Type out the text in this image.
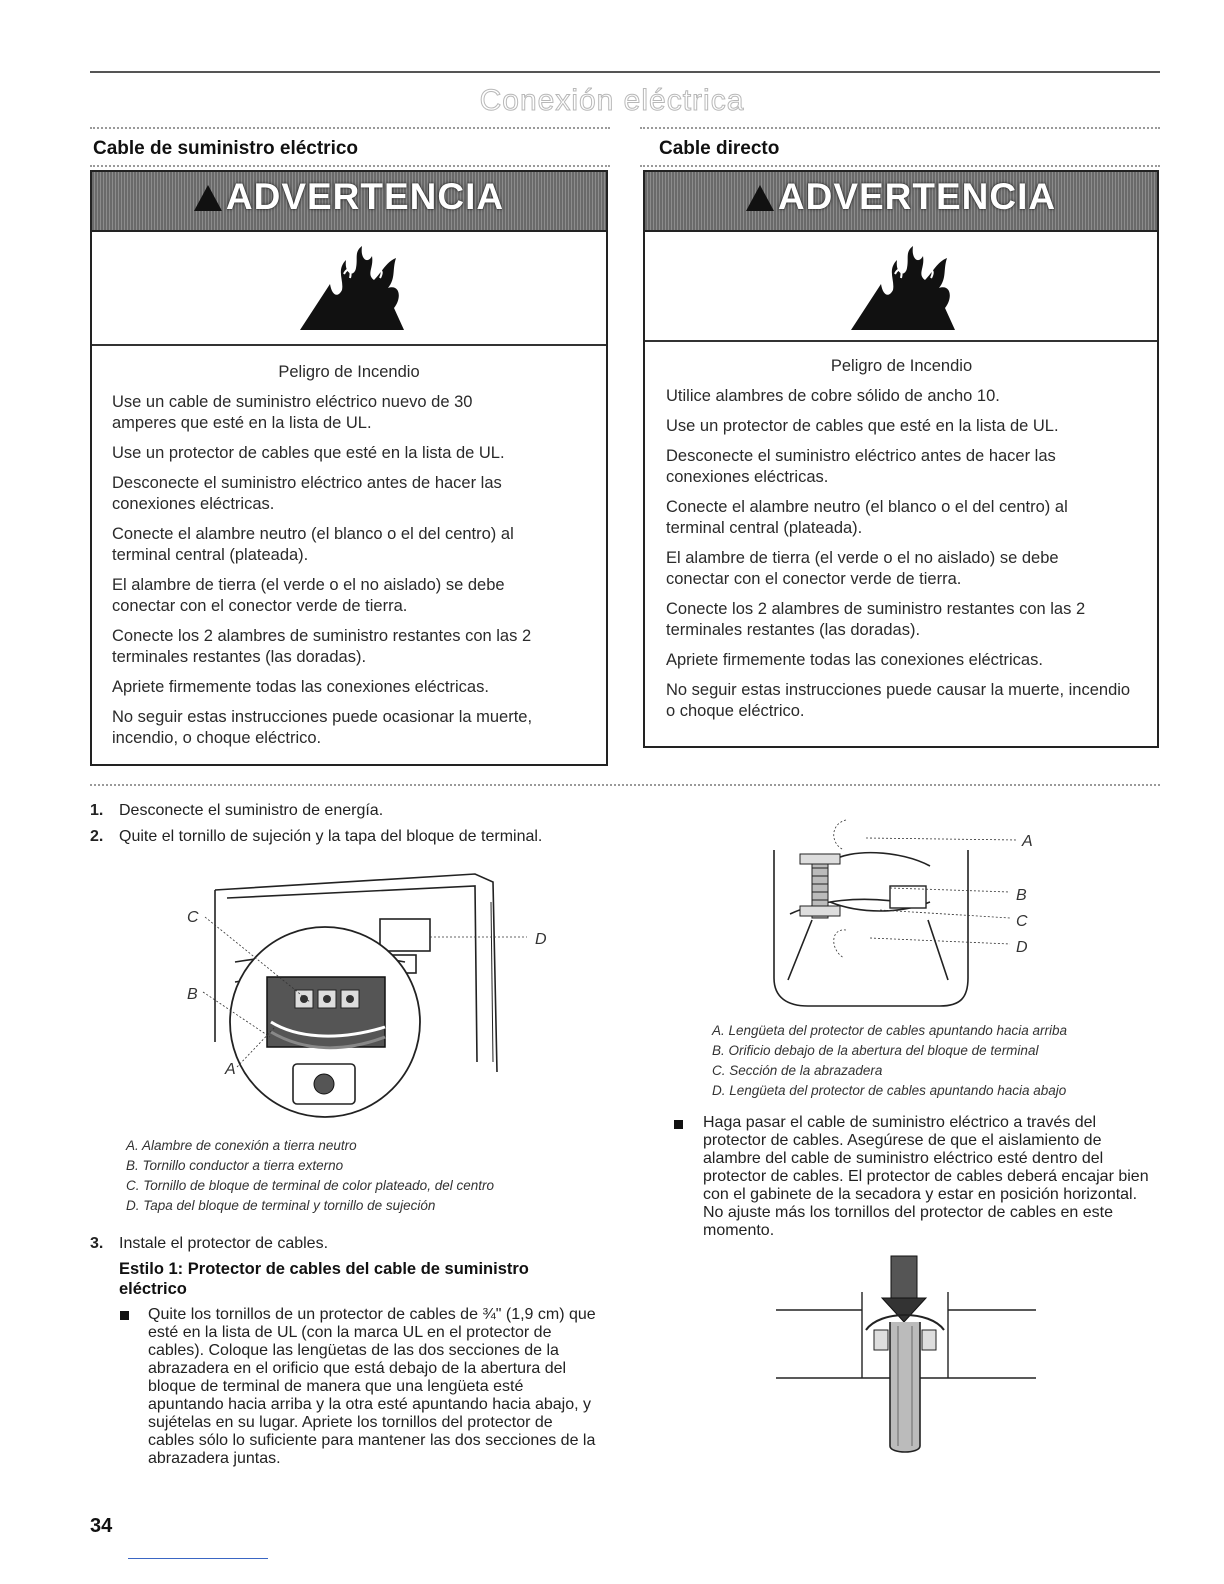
Conexión eléctrica
Cable de suministro eléctrico	Cable directo
ADVERTENCIA

Peligro de Incendio

Use un cable de suministro eléctrico nuevo de 30 amperes que esté en la lista de UL.

Use un protector de cables que esté en la lista de UL.

Desconecte el suministro eléctrico antes de hacer las conexiones eléctricas.

Conecte el alambre neutro (el blanco o el del centro) al terminal central (plateada).

El alambre de tierra (el verde o el no aislado) se debe conectar con el conector verde de tierra.

Conecte los 2 alambres de suministro restantes con las 2 terminales restantes (las doradas).

Apriete firmemente todas las conexiones eléctricas.

No seguir estas instrucciones puede ocasionar la muerte, incendio, o choque eléctrico.

ADVERTENCIA

Peligro de Incendio

Utilice alambres de cobre sólido de ancho 10.

Use un protector de cables que esté en la lista de UL.

Desconecte el suministro eléctrico antes de hacer las conexiones eléctricas.

Conecte el alambre neutro (el blanco o el del centro) al terminal central (plateada).

El alambre de tierra (el verde o el no aislado) se debe conectar con el conector verde de tierra.

Conecte los 2 alambres de suministro restantes con las 2 terminales restantes (las doradas).

Apriete firmemente todas las conexiones eléctricas.

No seguir estas instrucciones puede causar la muerte, incendio o choque eléctrico.

1. Desconecte el suministro de energía.
2. Quite el tornillo de sujeción y la tapa del bloque de terminal.
C
B
A
D
A. Alambre de conexión a tierra neutro
B. Tornillo conductor a tierra externo
C. Tornillo de bloque de terminal de color plateado, del centro
D. Tapa del bloque de terminal y tornillo de sujeción
3. Instale el protector de cables.
Estilo 1: Protector de cables del cable de suministro eléctrico
Quite los tornillos de un protector de cables de ¾" (1,9 cm) que esté en la lista de UL (con la marca UL en el protector de cables). Coloque las lengüetas de las dos secciones de la abrazadera en el orificio que está debajo de la abertura del bloque de terminal de manera que una lengüeta esté apuntando hacia arriba y la otra esté apuntando hacia abajo, y sujételas en su lugar. Apriete los tornillos del protector de cables sólo lo suficiente para mantener las dos secciones de la abrazadera juntas.
A
B
C
D
A. Lengüeta del protector de cables apuntando hacia arriba
B. Orificio debajo de la abertura del bloque de terminal
C. Sección de la abrazadera
D. Lengüeta del protector de cables apuntando hacia abajo
Haga pasar el cable de suministro eléctrico a través del protector de cables. Asegúrese de que el aislamiento de alambre del cable de suministro eléctrico esté dentro del protector de cables. El protector de cables deberá encajar bien con el gabinete de la secadora y estar en posición horizontal. No ajuste más los tornillos del protector de cables en este momento.
34
